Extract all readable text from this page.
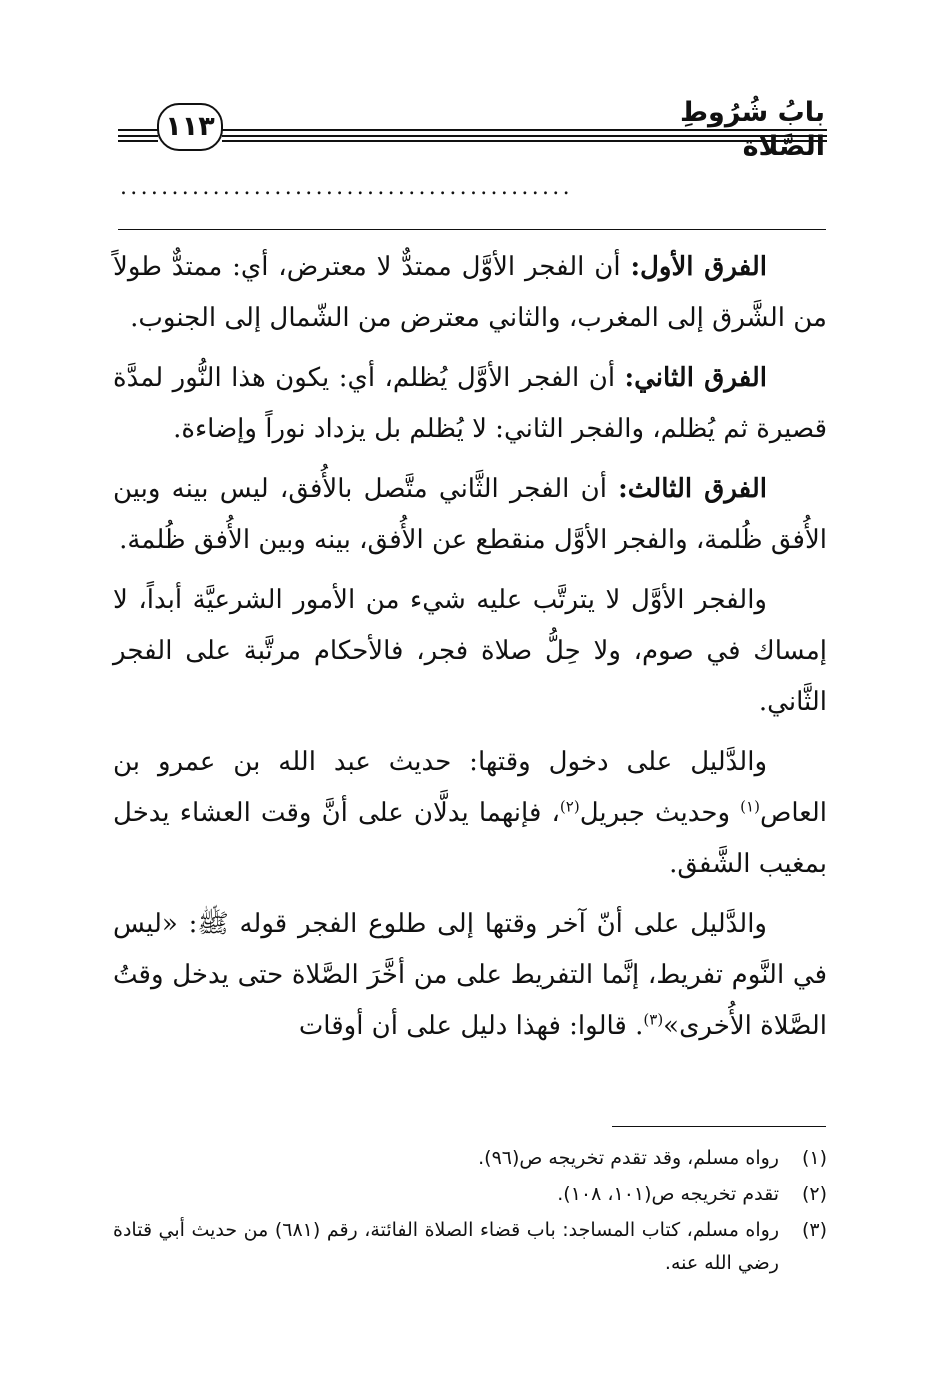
بابُ شُرُوطِ الصَّلاة
١١٣
............................................

الفرق الأول: أن الفجر الأوَّل ممتدٌّ لا معترض، أي: ممتدٌّ طولاً من الشَّرق إلى المغرب، والثاني معترض من الشّمال إلى الجنوب.

الفرق الثاني: أن الفجر الأوَّل يُظلم، أي: يكون هذا النُّور لمدَّة قصيرة ثم يُظلم، والفجر الثاني: لا يُظلم بل يزداد نوراً وإضاءة.

الفرق الثالث: أن الفجر الثَّاني متَّصل بالأُفق، ليس بينه وبين الأُفق ظُلمة، والفجر الأوَّل منقطع عن الأُفق، بينه وبين الأُفق ظُلمة.

والفجر الأوَّل لا يترتَّب عليه شيء من الأمور الشرعيَّة أبداً، لا إمساك في صوم، ولا حِلُّ صلاة فجر، فالأحكام مرتَّبة على الفجر الثَّاني.

والدَّليل على دخول وقتها: حديث عبد الله بن عمرو بن العاص$^{(١)}$ وحديث جبريل$^{(٢)}$، فإنهما يدلَّان على أنَّ وقت العشاء يدخل بمغيب الشَّفق.

والدَّليل على أنّ آخر وقتها إلى طلوع الفجر قوله ﷺ: «ليس في النَّوم تفريط، إنَّما التفريط على من أخَّرَ الصَّلاة حتى يدخل وقتُ الصَّلاة الأُخرى»$^{(٣)}$. قالوا: فهذا دليل على أن أوقات

(١)
رواه مسلم، وقد تقدم تخريجه ص(٩٦).
(٢)
تقدم تخريجه ص(١٠١، ١٠٨).
(٣)
رواه مسلم، كتاب المساجد: باب قضاء الصلاة الفائتة، رقم (٦٨١) من حديث أبي قتادة رضي الله عنه.
